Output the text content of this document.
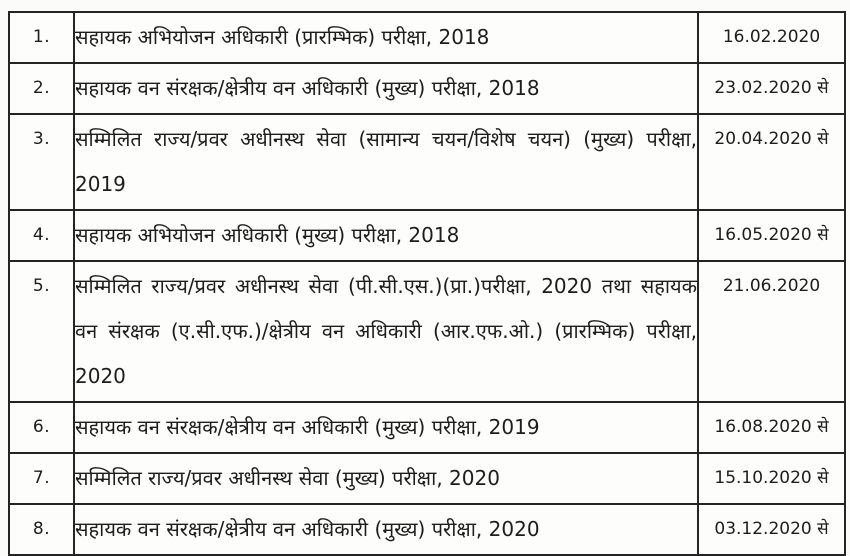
1.	सहायक अभियोजन अधिकारी (प्रारम्भिक) परीक्षा, 2018	16.02.2020
2.	सहायक वन संरक्षक/क्षेत्रीय वन अधिकारी (मुख्य) परीक्षा, 2018	23.02.2020 से
3.	सम्मिलित राज्य/प्रवर अधीनस्थ सेवा (सामान्य चयन/विशेष चयन) (मुख्य) परीक्षा, 2019	20.04.2020 से
4.	सहायक अभियोजन अधिकारी (मुख्य) परीक्षा, 2018	16.05.2020 से
5.	सम्मिलित राज्य/प्रवर अधीनस्थ सेवा (पी.सी.एस.)(प्रा.)परीक्षा, 2020 तथा सहायक वन संरक्षक (ए.सी.एफ.)/क्षेत्रीय वन अधिकारी (आर.एफ.ओ.) (प्रारम्भिक) परीक्षा, 2020	21.06.2020
6.	सहायक वन संरक्षक/क्षेत्रीय वन अधिकारी (मुख्य) परीक्षा, 2019	16.08.2020 से
7.	सम्मिलित राज्य/प्रवर अधीनस्थ सेवा (मुख्य) परीक्षा, 2020	15.10.2020 से
8.	सहायक वन संरक्षक/क्षेत्रीय वन अधिकारी (मुख्य) परीक्षा, 2020	03.12.2020 से
